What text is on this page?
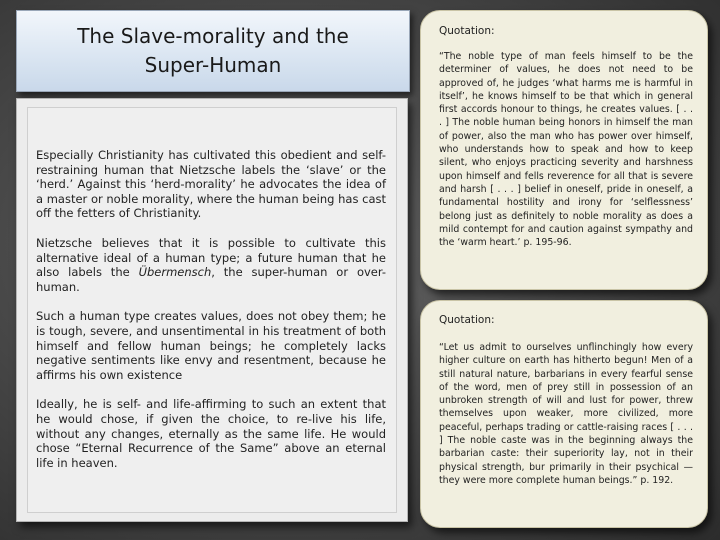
The Slave-morality and the Super-Human

Especially Christianity has cultivated this obedient and self-restraining human that Nietzsche labels the ‘slave’ or the ‘herd.’ Against this ‘herd-morality’ he advocates the idea of a master or noble morality, where the human being has cast off the fetters of Christianity.

Nietzsche believes that it is possible to cultivate this alternative ideal of a human type; a future human that he also labels the Übermensch, the super-human or over-human.

Such a human type creates values, does not obey them; he is tough, severe, and unsentimental in his treatment of both himself and fellow human beings; he completely lacks negative sentiments like envy and resentment, because he affirms his own existence

Ideally, he is self- and life-affirming to such an extent that he would chose, if given the choice, to re-live his life, without any changes, eternally as the same life. He would chose “Eternal Recurrence of the Same” above an eternal life in heaven.

Quotation:

“The noble type of man feels himself to be the determiner of values, he does not need to be approved of, he judges ‘what harms me is harmful in itself’, he knows himself to be that which in general first accords honour to things, he creates values. [ . . . ] The noble human being honors in himself the man of power, also the man who has power over himself, who understands how to speak and how to keep silent, who enjoys practicing severity and harshness upon himself and fells reverence for all that is severe and harsh [ . . . ] belief in oneself, pride in oneself, a fundamental hostility and irony for ‘selflessness’ belong just as definitely to noble morality as does a mild contempt for and caution against sympathy and the ‘warm heart.’ p. 195-96.

Quotation:

“Let us admit to ourselves unflinchingly how every higher culture on earth has hitherto begun! Men of a still natural nature, barbarians in every fearful sense of the word, men of prey still in possession of an unbroken strength of will and lust for power, threw themselves upon weaker, more civilized, more peaceful, perhaps trading or cattle-raising races [ . . . ] The noble caste was in the beginning always the barbarian caste: their superiority lay, not in their physical strength, bur primarily in their psychical — they were more complete human beings.” p. 192.
